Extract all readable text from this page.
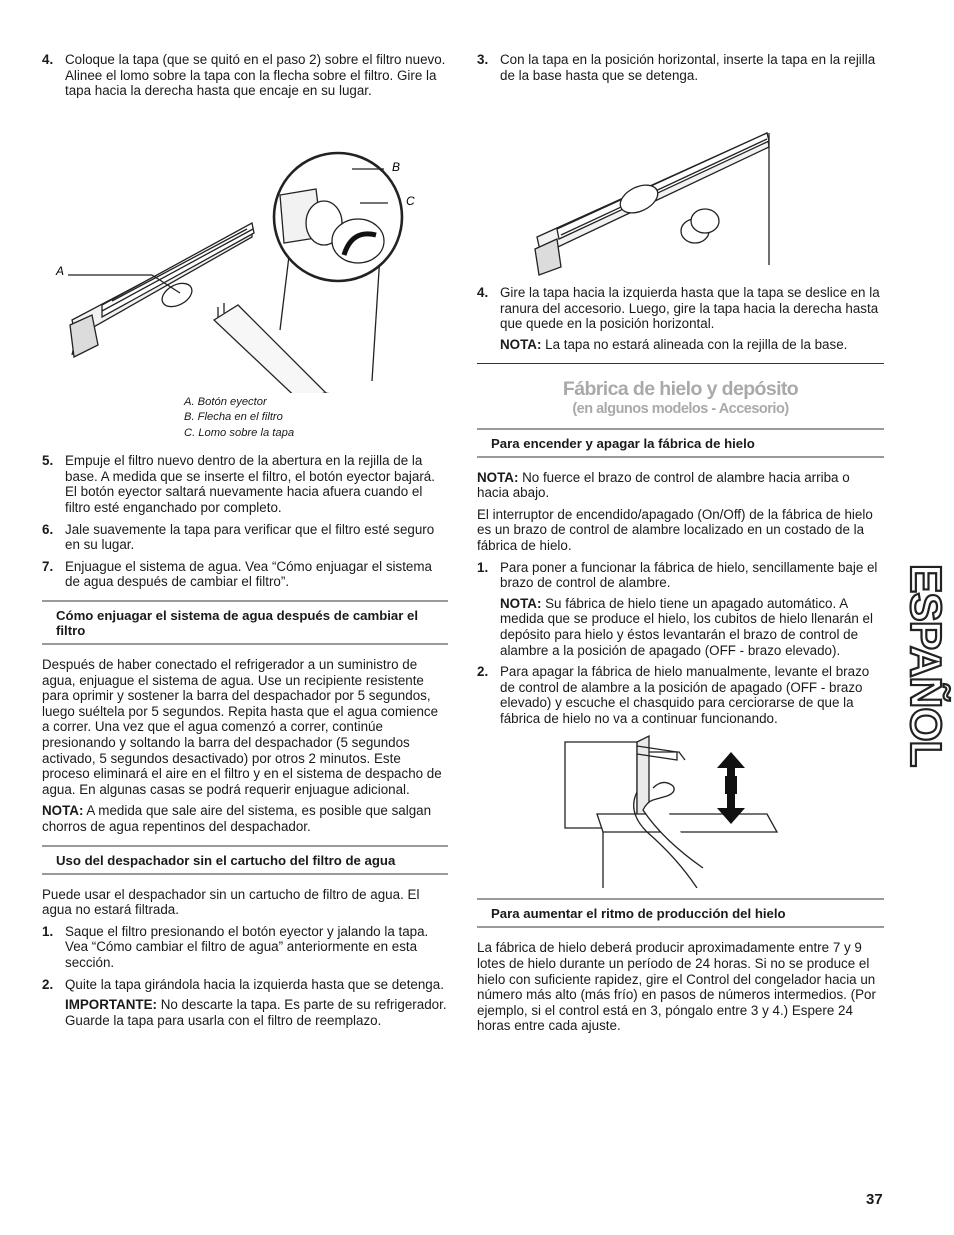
4. Coloque la tapa (que se quitó en el paso 2) sobre el filtro nuevo. Alinee el lomo sobre la tapa con la flecha sobre el filtro. Gire la tapa hacia la derecha hasta que encaje en su lugar.

A
B
C
A. Botón eyector
B. Flecha en el filtro
C. Lomo sobre la tapa
5. Empuje el filtro nuevo dentro de la abertura en la rejilla de la base. A medida que se inserte el filtro, el botón eyector bajará. El botón eyector saltará nuevamente hacia afuera cuando el filtro esté enganchado por completo.

6. Jale suavemente la tapa para verificar que el filtro esté seguro en su lugar.

7. Enjuague el sistema de agua. Vea “Cómo enjuagar el sistema de agua después de cambiar el filtro”.

Cómo enjuagar el sistema de agua después de cambiar el filtro

Después de haber conectado el refrigerador a un suministro de agua, enjuague el sistema de agua. Use un recipiente resistente para oprimir y sostener la barra del despachador por 5 segundos, luego suéltela por 5 segundos. Repita hasta que el agua comience a correr. Una vez que el agua comenzó a correr, continúe presionando y soltando la barra del despachador (5 segundos activado, 5 segundos desactivado) por otros 2 minutos. Este proceso eliminará el aire en el filtro y en el sistema de despacho de agua. En algunas casas se podrá requerir enjuague adicional.

NOTA: A medida que sale aire del sistema, es posible que salgan chorros de agua repentinos del despachador.

Uso del despachador sin el cartucho del filtro de agua

Puede usar el despachador sin un cartucho de filtro de agua. El agua no estará filtrada.

1. Saque el filtro presionando el botón eyector y jalando la tapa. Vea “Cómo cambiar el filtro de agua” anteriormente en esta sección.

2. Quite la tapa girándola hacia la izquierda hasta que se detenga.

IMPORTANTE: No descarte la tapa. Es parte de su refrigerador. Guarde la tapa para usarla con el filtro de reemplazo.

3. Con la tapa en la posición horizontal, inserte la tapa en la rejilla de la base hasta que se detenga.

4. Gire la tapa hacia la izquierda hasta que la tapa se deslice en la ranura del accesorio. Luego, gire la tapa hacia la derecha hasta que quede en la posición horizontal.

NOTA: La tapa no estará alineada con la rejilla de la base.

Fábrica de hielo y depósito
(en algunos modelos - Accesorio)
Para encender y apagar la fábrica de hielo

NOTA: No fuerce el brazo de control de alambre hacia arriba o hacia abajo.

El interruptor de encendido/apagado (On/Off) de la fábrica de hielo es un brazo de control de alambre localizado en un costado de la fábrica de hielo.

1. Para poner a funcionar la fábrica de hielo, sencillamente baje el brazo de control de alambre.

NOTA: Su fábrica de hielo tiene un apagado automático. A medida que se produce el hielo, los cubitos de hielo llenarán el depósito para hielo y éstos levantarán el brazo de control de alambre a la posición de apagado (OFF - brazo elevado).

2. Para apagar la fábrica de hielo manualmente, levante el brazo de control de alambre a la posición de apagado (OFF - brazo elevado) y escuche el chasquido para cerciorarse de que la fábrica de hielo no va a continuar funcionando.

Para aumentar el ritmo de producción del hielo

La fábrica de hielo deberá producir aproximadamente entre 7 y 9 lotes de hielo durante un período de 24 horas. Si no se produce el hielo con suficiente rapidez, gire el Control del congelador hacia un número más alto (más frío) en pasos de números intermedios. (Por ejemplo, si el control está en 3, póngalo entre 3 y 4.) Espere 24 horas entre cada ajuste.

ESPAÑOL
37
